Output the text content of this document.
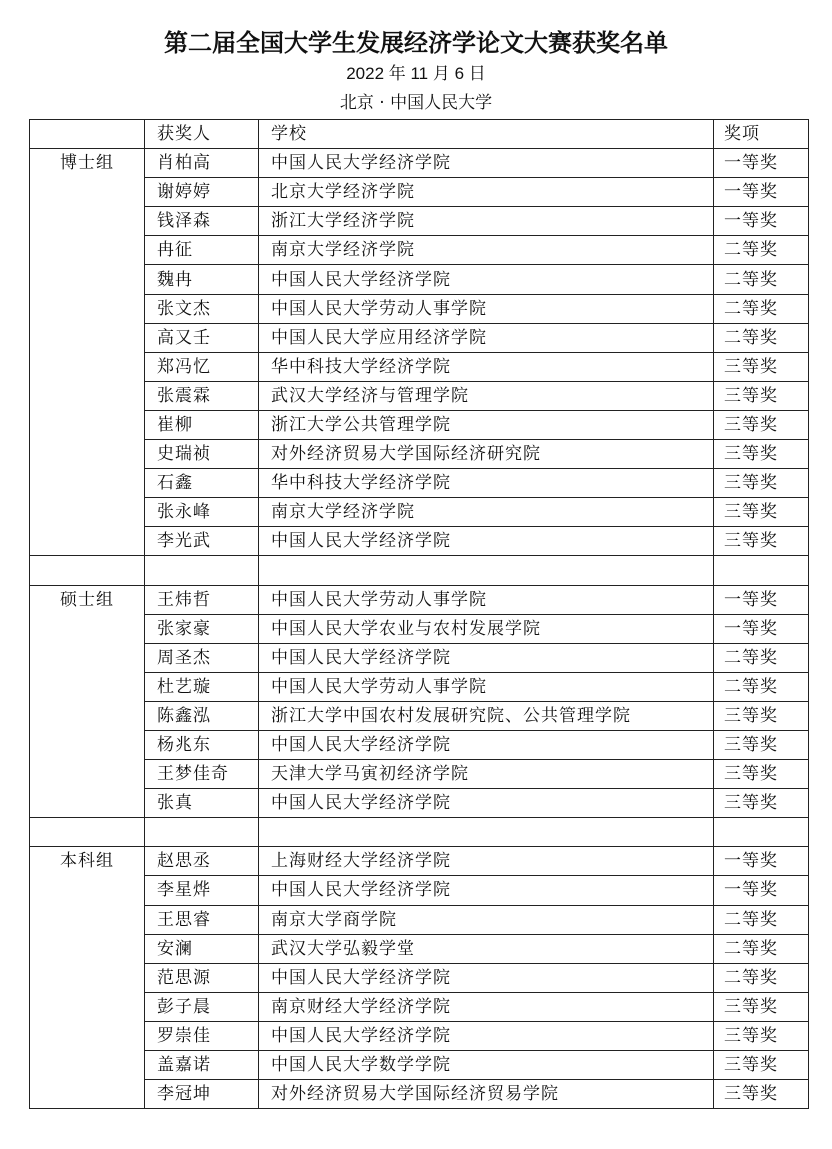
第二届全国大学生发展经济学论文大赛获奖名单
2022 年 11 月 6 日
北京 · 中国人民大学
	获奖人	学校	奖项
博士组	肖柏高	中国人民大学经济学院	一等奖
	谢婷婷	北京大学经济学院	一等奖
	钱泽森	浙江大学经济学院	一等奖
	冉征	南京大学经济学院	二等奖
	魏冉	中国人民大学经济学院	二等奖
	张文杰	中国人民大学劳动人事学院	二等奖
	高又壬	中国人民大学应用经济学院	二等奖
	郑冯忆	华中科技大学经济学院	三等奖
	张震霖	武汉大学经济与管理学院	三等奖
	崔柳	浙江大学公共管理学院	三等奖
	史瑞祯	对外经济贸易大学国际经济研究院	三等奖
	石鑫	华中科技大学经济学院	三等奖
	张永峰	南京大学经济学院	三等奖
	李光武	中国人民大学经济学院	三等奖

硕士组	王炜哲	中国人民大学劳动人事学院	一等奖
	张家豪	中国人民大学农业与农村发展学院	一等奖
	周圣杰	中国人民大学经济学院	二等奖
	杜艺璇	中国人民大学劳动人事学院	二等奖
	陈鑫泓	浙江大学中国农村发展研究院、公共管理学院	三等奖
	杨兆东	中国人民大学经济学院	三等奖
	王梦佳奇	天津大学马寅初经济学院	三等奖
	张真	中国人民大学经济学院	三等奖

本科组	赵思丞	上海财经大学经济学院	一等奖
	李星烨	中国人民大学经济学院	一等奖
	王思睿	南京大学商学院	二等奖
	安澜	武汉大学弘毅学堂	二等奖
	范思源	中国人民大学经济学院	二等奖
	彭子晨	南京财经大学经济学院	三等奖
	罗崇佳	中国人民大学经济学院	三等奖
	盖嘉诺	中国人民大学数学学院	三等奖
	李冠坤	对外经济贸易大学国际经济贸易学院	三等奖
